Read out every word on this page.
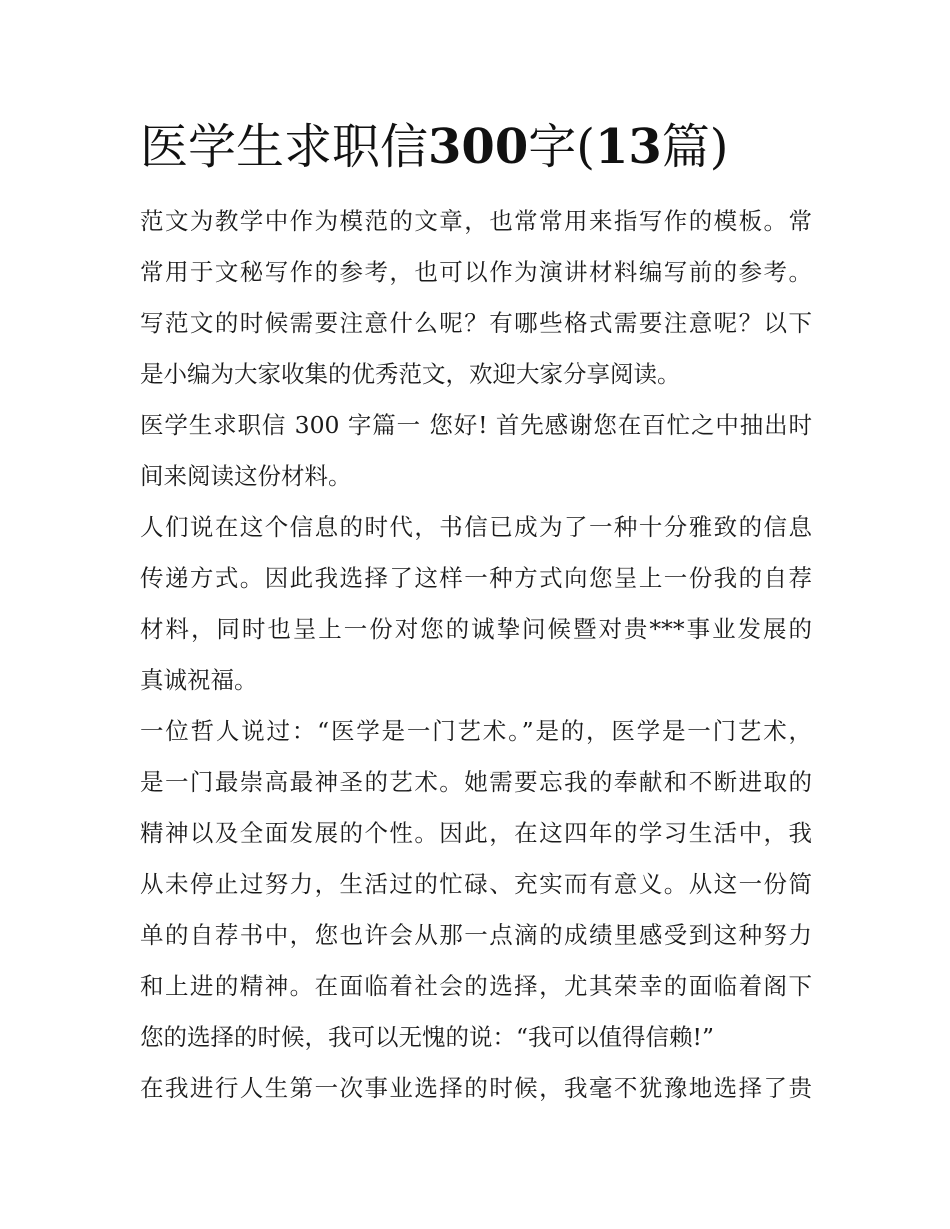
医学生求职信300字(13篇)
范文为教学中作为模范的文章，也常常用来指写作的模板。常
常用于文秘写作的参考，也可以作为演讲材料编写前的参考。
写范文的时候需要注意什么呢？有哪些格式需要注意呢？以下
是小编为大家收集的优秀范文，欢迎大家分享阅读。
医学生求职信 300 字篇一 您好! 首先感谢您在百忙之中抽出时
间来阅读这份材料。
人们说在这个信息的时代，书信已成为了一种十分雅致的信息
传递方式。因此我选择了这样一种方式向您呈上一份我的自荐
材料，同时也呈上一份对您的诚挚问候暨对贵***事业发展的
真诚祝福。
一位哲人说过：“医学是一门艺术。”是的，医学是一门艺术，
是一门最崇高最神圣的艺术。她需要忘我的奉献和不断进取的
精神以及全面发展的个性。因此，在这四年的学习生活中，我
从未停止过努力，生活过的忙碌、充实而有意义。从这一份简
单的自荐书中，您也许会从那一点滴的成绩里感受到这种努力
和上进的精神。在面临着社会的选择，尤其荣幸的面临着阁下
您的选择的时候，我可以无愧的说：“我可以值得信赖!”
在我进行人生第一次事业选择的时候，我毫不犹豫地选择了贵
